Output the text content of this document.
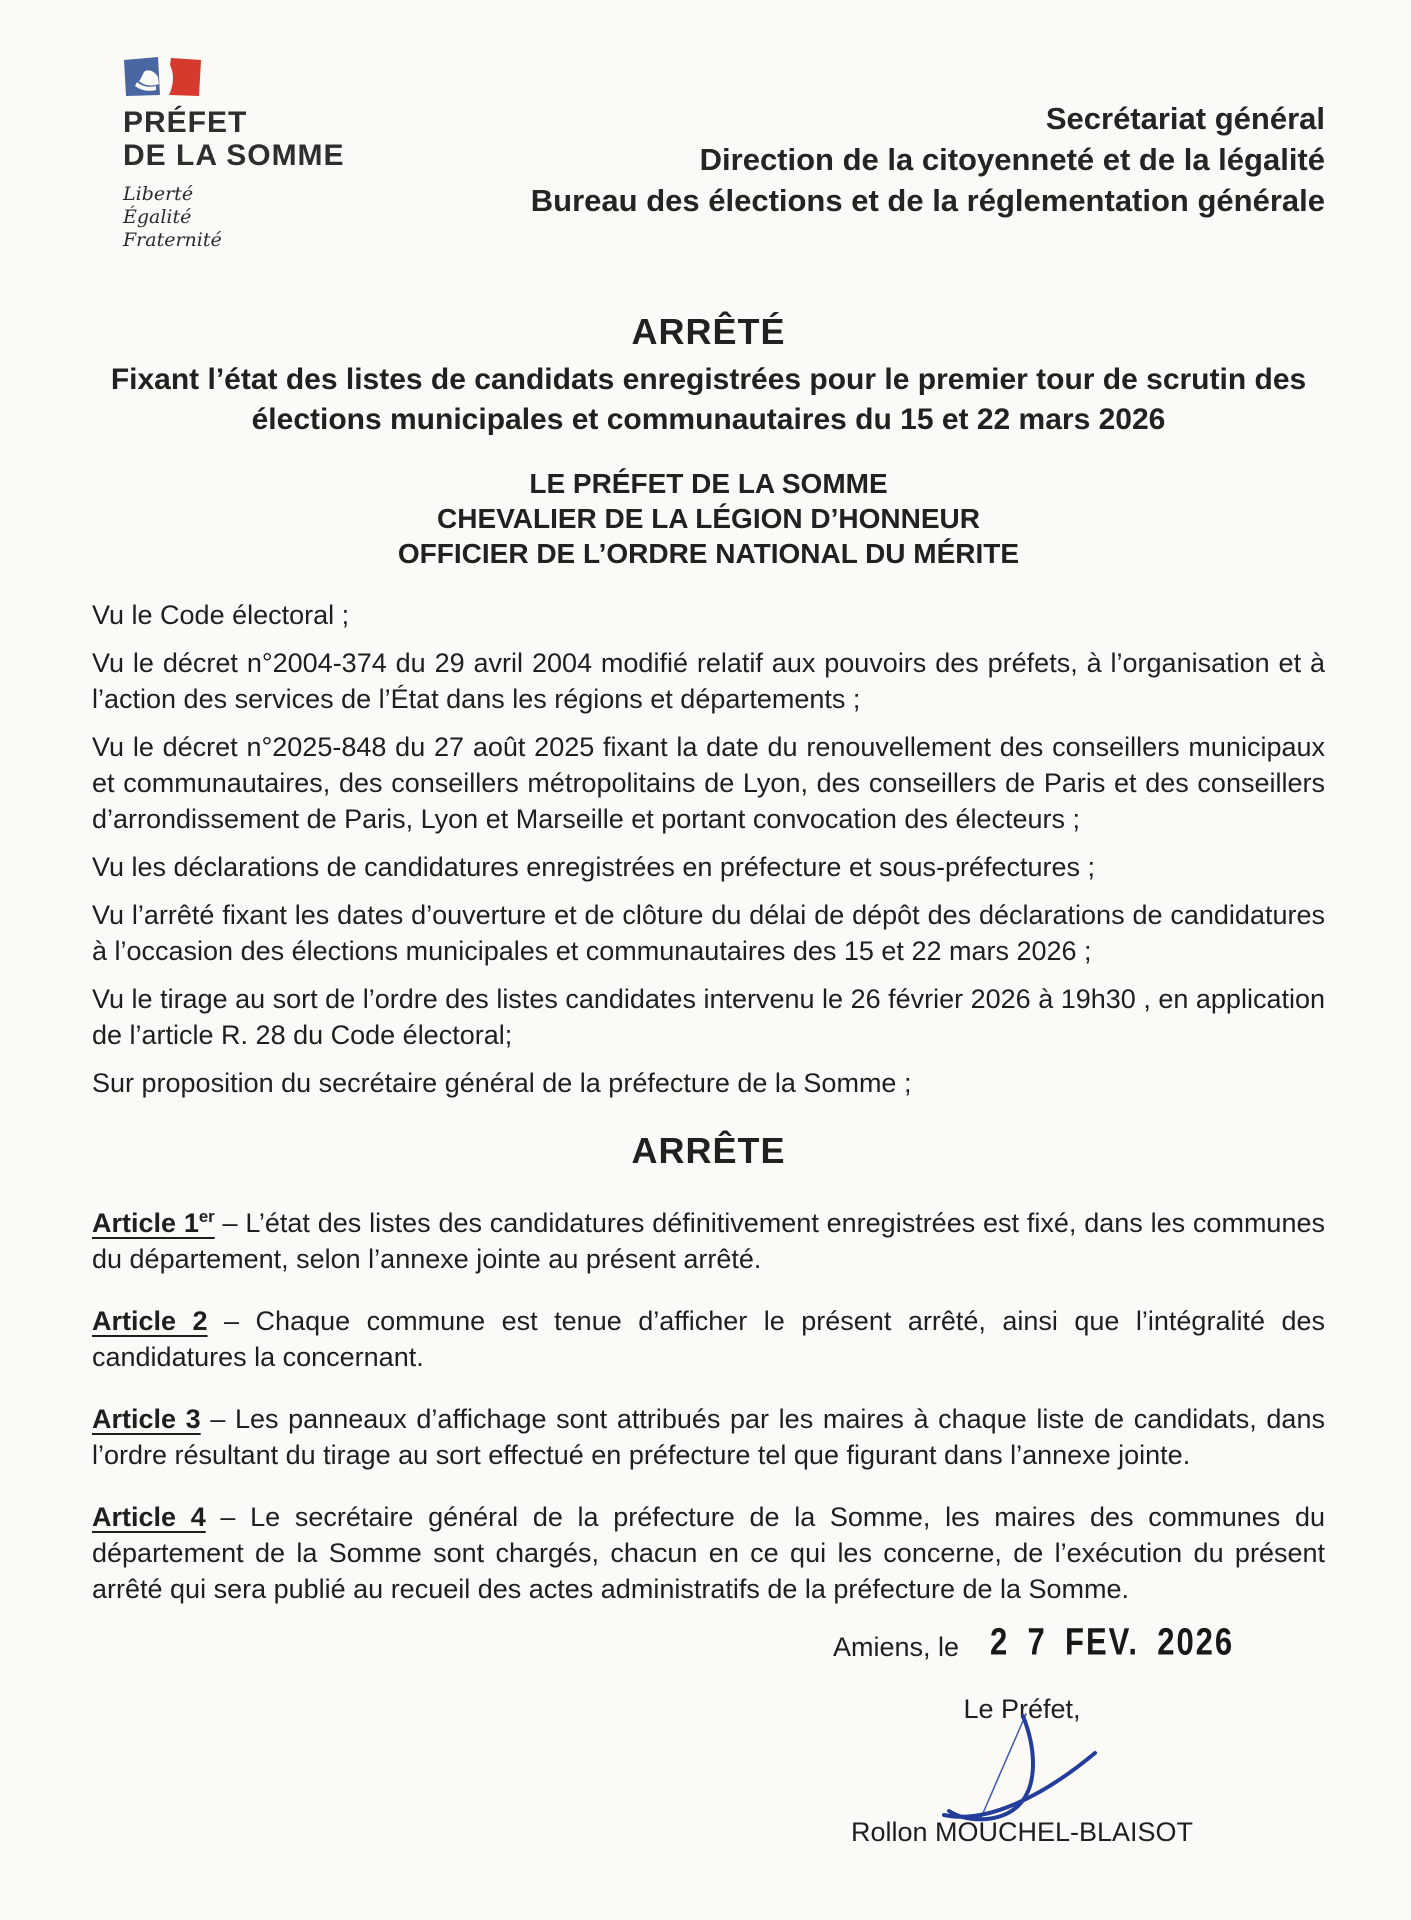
PRÉFET
DE LA SOMME
Liberté
Égalité
Fraternité
Secrétariat général
Direction de la citoyenneté et de la légalité
Bureau des élections et de la réglementation générale
ARRÊTÉ
Fixant l’état des listes de candidats enregistrées pour le premier tour de scrutin des
élections municipales et communautaires du 15 et 22 mars 2026
LE PRÉFET DE LA SOMME
CHEVALIER DE LA LÉGION D’HONNEUR
OFFICIER DE L’ORDRE NATIONAL DU MÉRITE

Vu le Code électoral ;

Vu le décret n°2004-374 du 29 avril 2004 modifié relatif aux pouvoirs des préfets, à l’organisation et à l’action des services de l’État dans les régions et départements ;

Vu le décret n°2025-848 du 27 août 2025 fixant la date du renouvellement des conseillers municipaux et communautaires, des conseillers métropolitains de Lyon, des conseillers de Paris et des conseillers d’arrondissement de Paris, Lyon et Marseille et portant convocation des électeurs ;

Vu les déclarations de candidatures enregistrées en préfecture et sous-préfectures ;

Vu l’arrêté fixant les dates d’ouverture et de clôture du délai de dépôt des déclarations de candidatures à l’occasion des élections municipales et communautaires des 15 et 22 mars 2026 ;

Vu le tirage au sort de l’ordre des listes candidates intervenu le 26 février 2026 à 19h30 , en application de l’article R. 28 du Code électoral;

Sur proposition du secrétaire général de la préfecture de la Somme ;

ARRÊTE

Article 1er – L’état des listes des candidatures définitivement enregistrées est fixé, dans les communes du département, selon l’annexe jointe au présent arrêté.

Article 2 – Chaque commune est tenue d’afficher le présent arrêté, ainsi que l’intégralité des candidatures la concernant.

Article 3 – Les panneaux d’affichage sont attribués par les maires à chaque liste de candidats, dans l’ordre résultant du tirage au sort effectué en préfecture tel que figurant dans l’annexe jointe.

Article 4 – Le secrétaire général de la préfecture de la Somme, les maires des communes du département de la Somme sont chargés, chacun en ce qui les concerne, de l’exécution du présent arrêté qui sera publié au recueil des actes administratifs de la préfecture de la Somme.

Amiens, le 2 7 FEV. 2026
Le Préfet,
Rollon MOUCHEL-BLAISOT
